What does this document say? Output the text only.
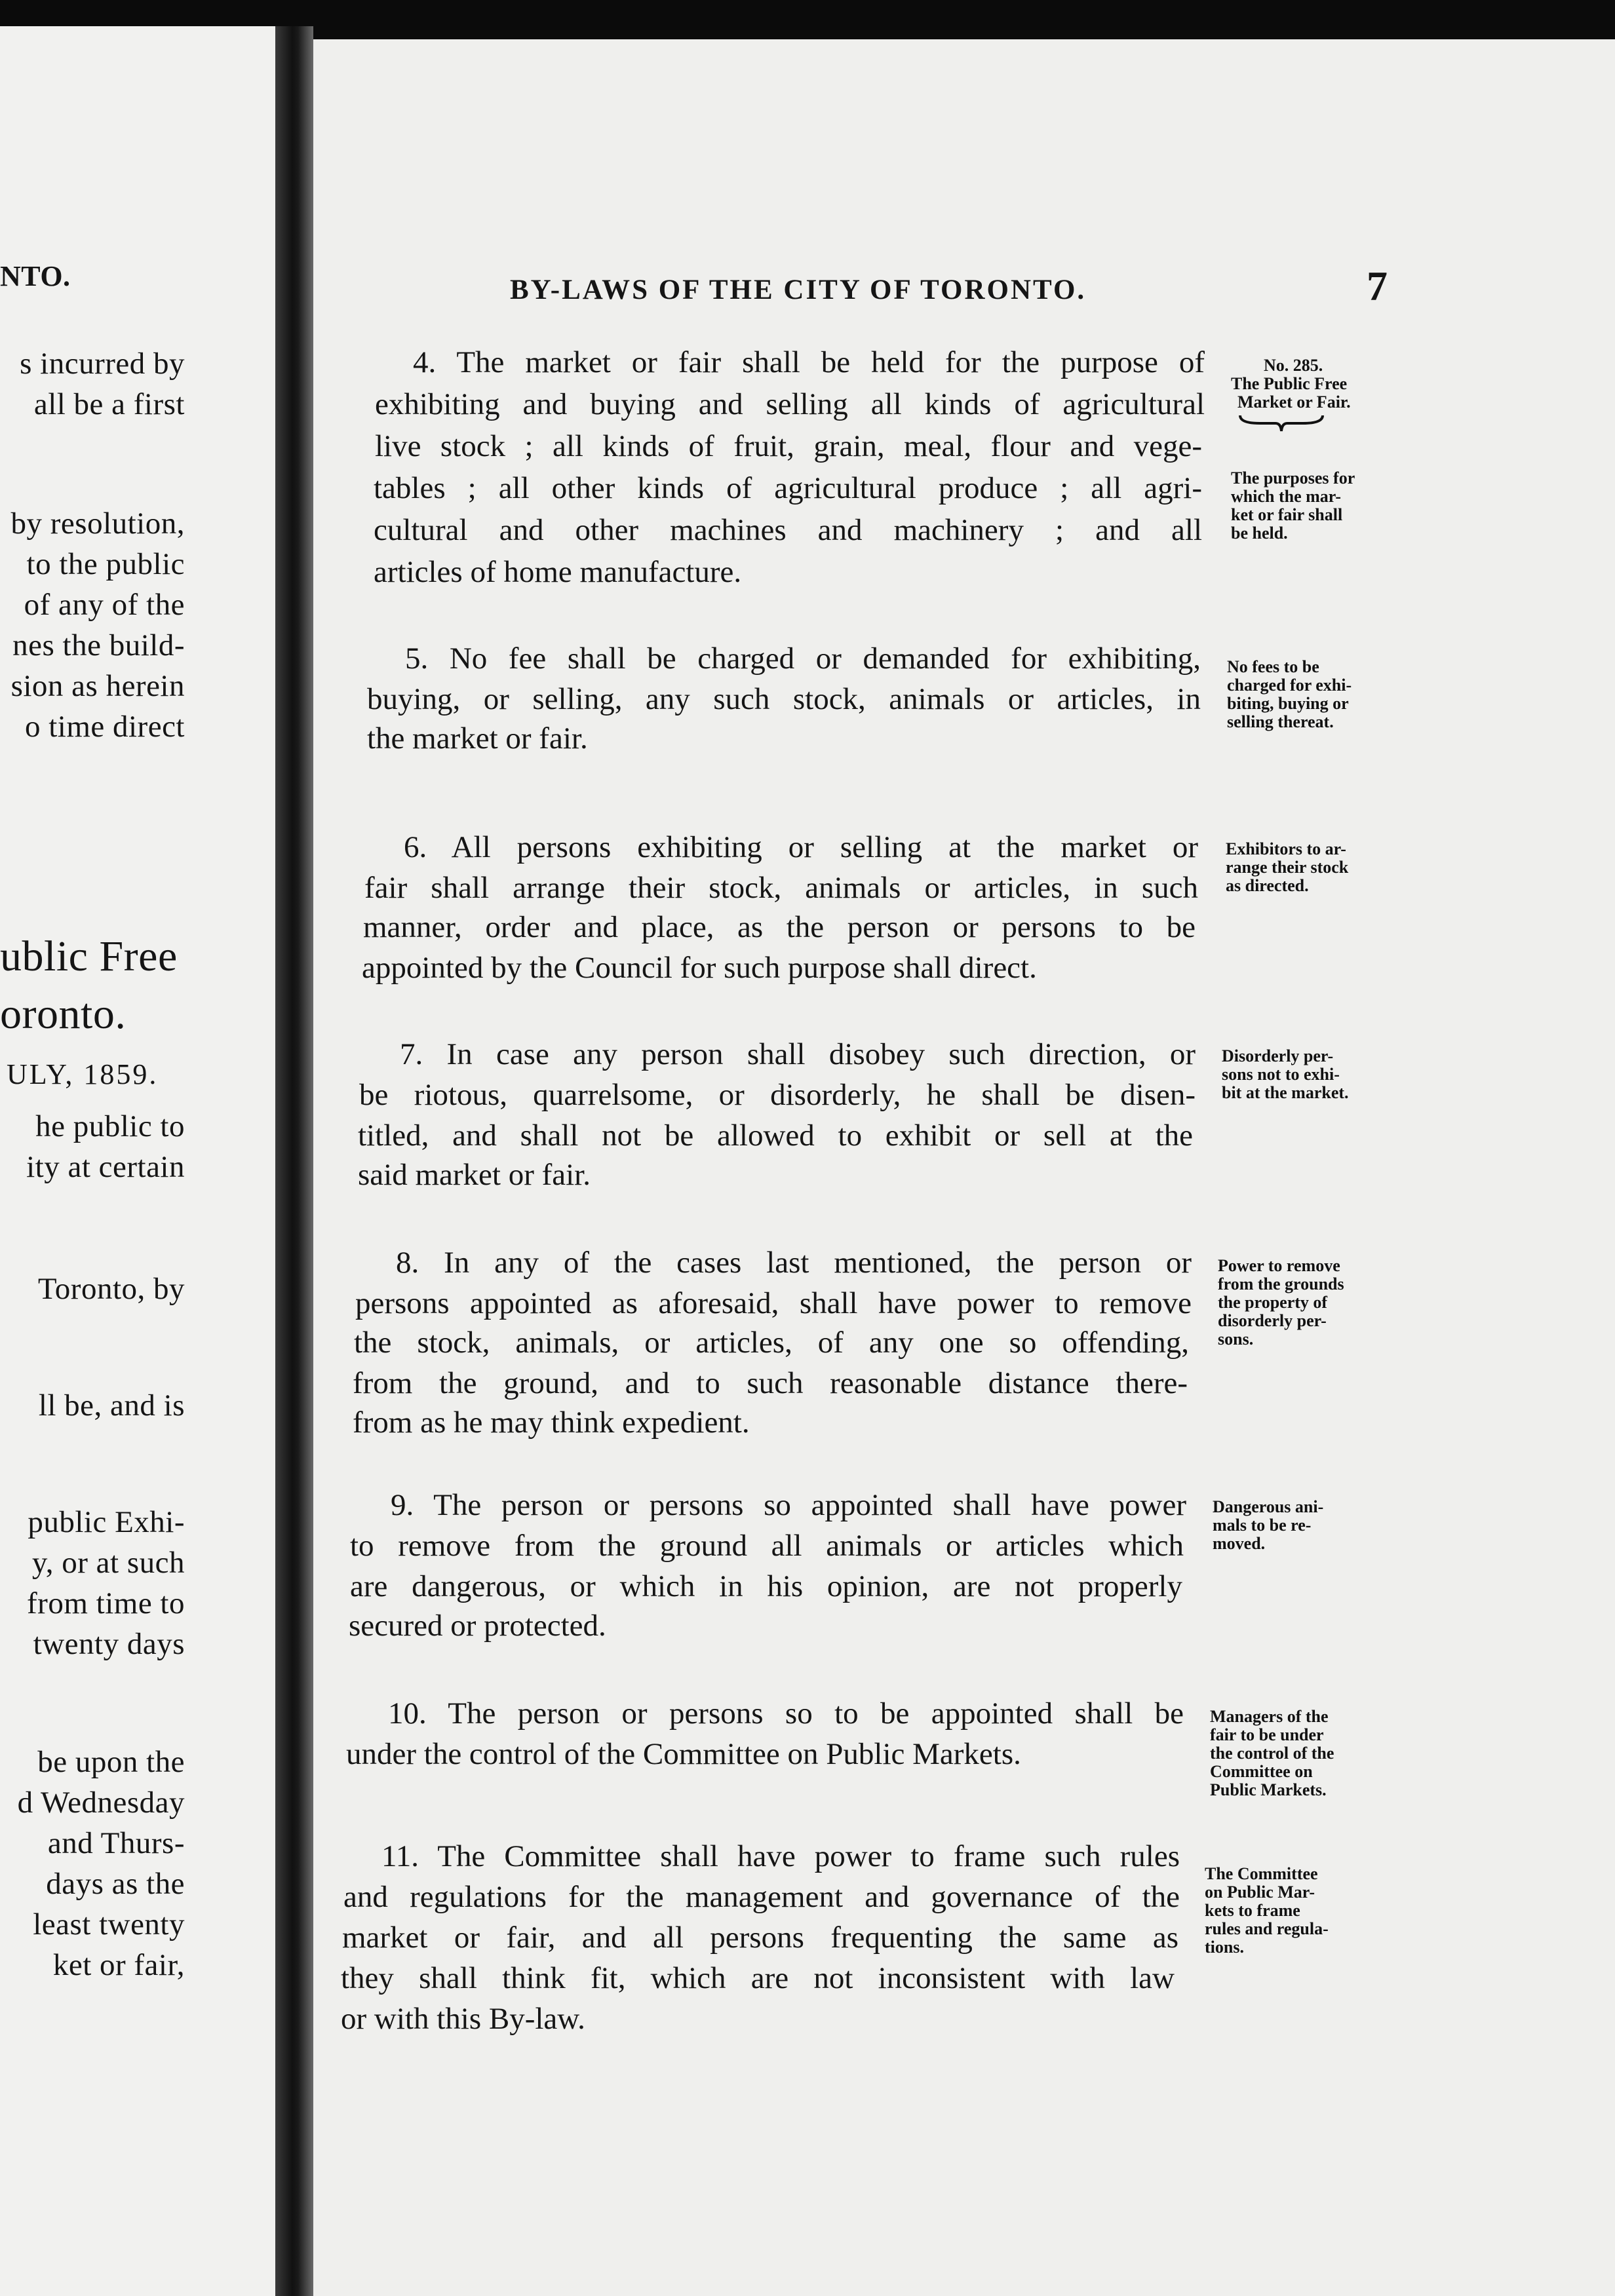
NTO.
s incurred by
all be a first
by resolution,
to the public
of any of the
nes the build-
sion as herein
o time direct
ublic Free
oronto.
ULY, 1859.
he public to
ity at certain
Toronto, by
ll be, and is
public Exhi-
y, or at such
from time to
twenty days
be upon the
d Wednesday
and Thurs-
days as the
least twenty
ket or fair,
BY-LAWS OF THE CITY OF TORONTO.	7
4. The market or fair shall be held for the purpose of
exhibiting and buying and selling all kinds of agricultural
live stock ; all kinds of fruit, grain, meal, flour and vege-
tables ; all other kinds of agricultural produce ; all agri-
cultural and other machines and machinery ; and all
articles of home manufacture.
No. 285.
The Public Free
Market or Fair.
The purposes for
which the mar-
ket or fair shall
be held.
5. No fee shall be charged or demanded for exhibiting,
buying, or selling, any such stock, animals or articles, in
the market or fair.
No fees to be
charged for exhi-
biting, buying or
selling thereat.
6. All persons exhibiting or selling at the market or
fair shall arrange their stock, animals or articles, in such
manner, order and place, as the person or persons to be
appointed by the Council for such purpose shall direct.
Exhibitors to ar-
range their stock
as directed.
7. In case any person shall disobey such direction, or
be riotous, quarrelsome, or disorderly, he shall be disen-
titled, and shall not be allowed to exhibit or sell at the
said market or fair.
Disorderly per-
sons not to exhi-
bit at the market.
8. In any of the cases last mentioned, the person or
persons appointed as aforesaid, shall have power to remove
the stock, animals, or articles, of any one so offending,
from the ground, and to such reasonable distance there-
from as he may think expedient.
Power to remove
from the grounds
the property of
disorderly per-
sons.
9. The person or persons so appointed shall have power
to remove from the ground all animals or articles which
are dangerous, or which in his opinion, are not properly
secured or protected.
Dangerous ani-
mals to be re-
moved.
10. The person or persons so to be appointed shall be
under the control of the Committee on Public Markets.
Managers of the
fair to be under
the control of the
Committee on
Public Markets.
11. The Committee shall have power to frame such rules
and regulations for the management and governance of the
market or fair, and all persons frequenting the same as
they shall think fit, which are not inconsistent with law
or with this By-law.
The Committee
on Public Mar-
kets to frame
rules and regula-
tions.
